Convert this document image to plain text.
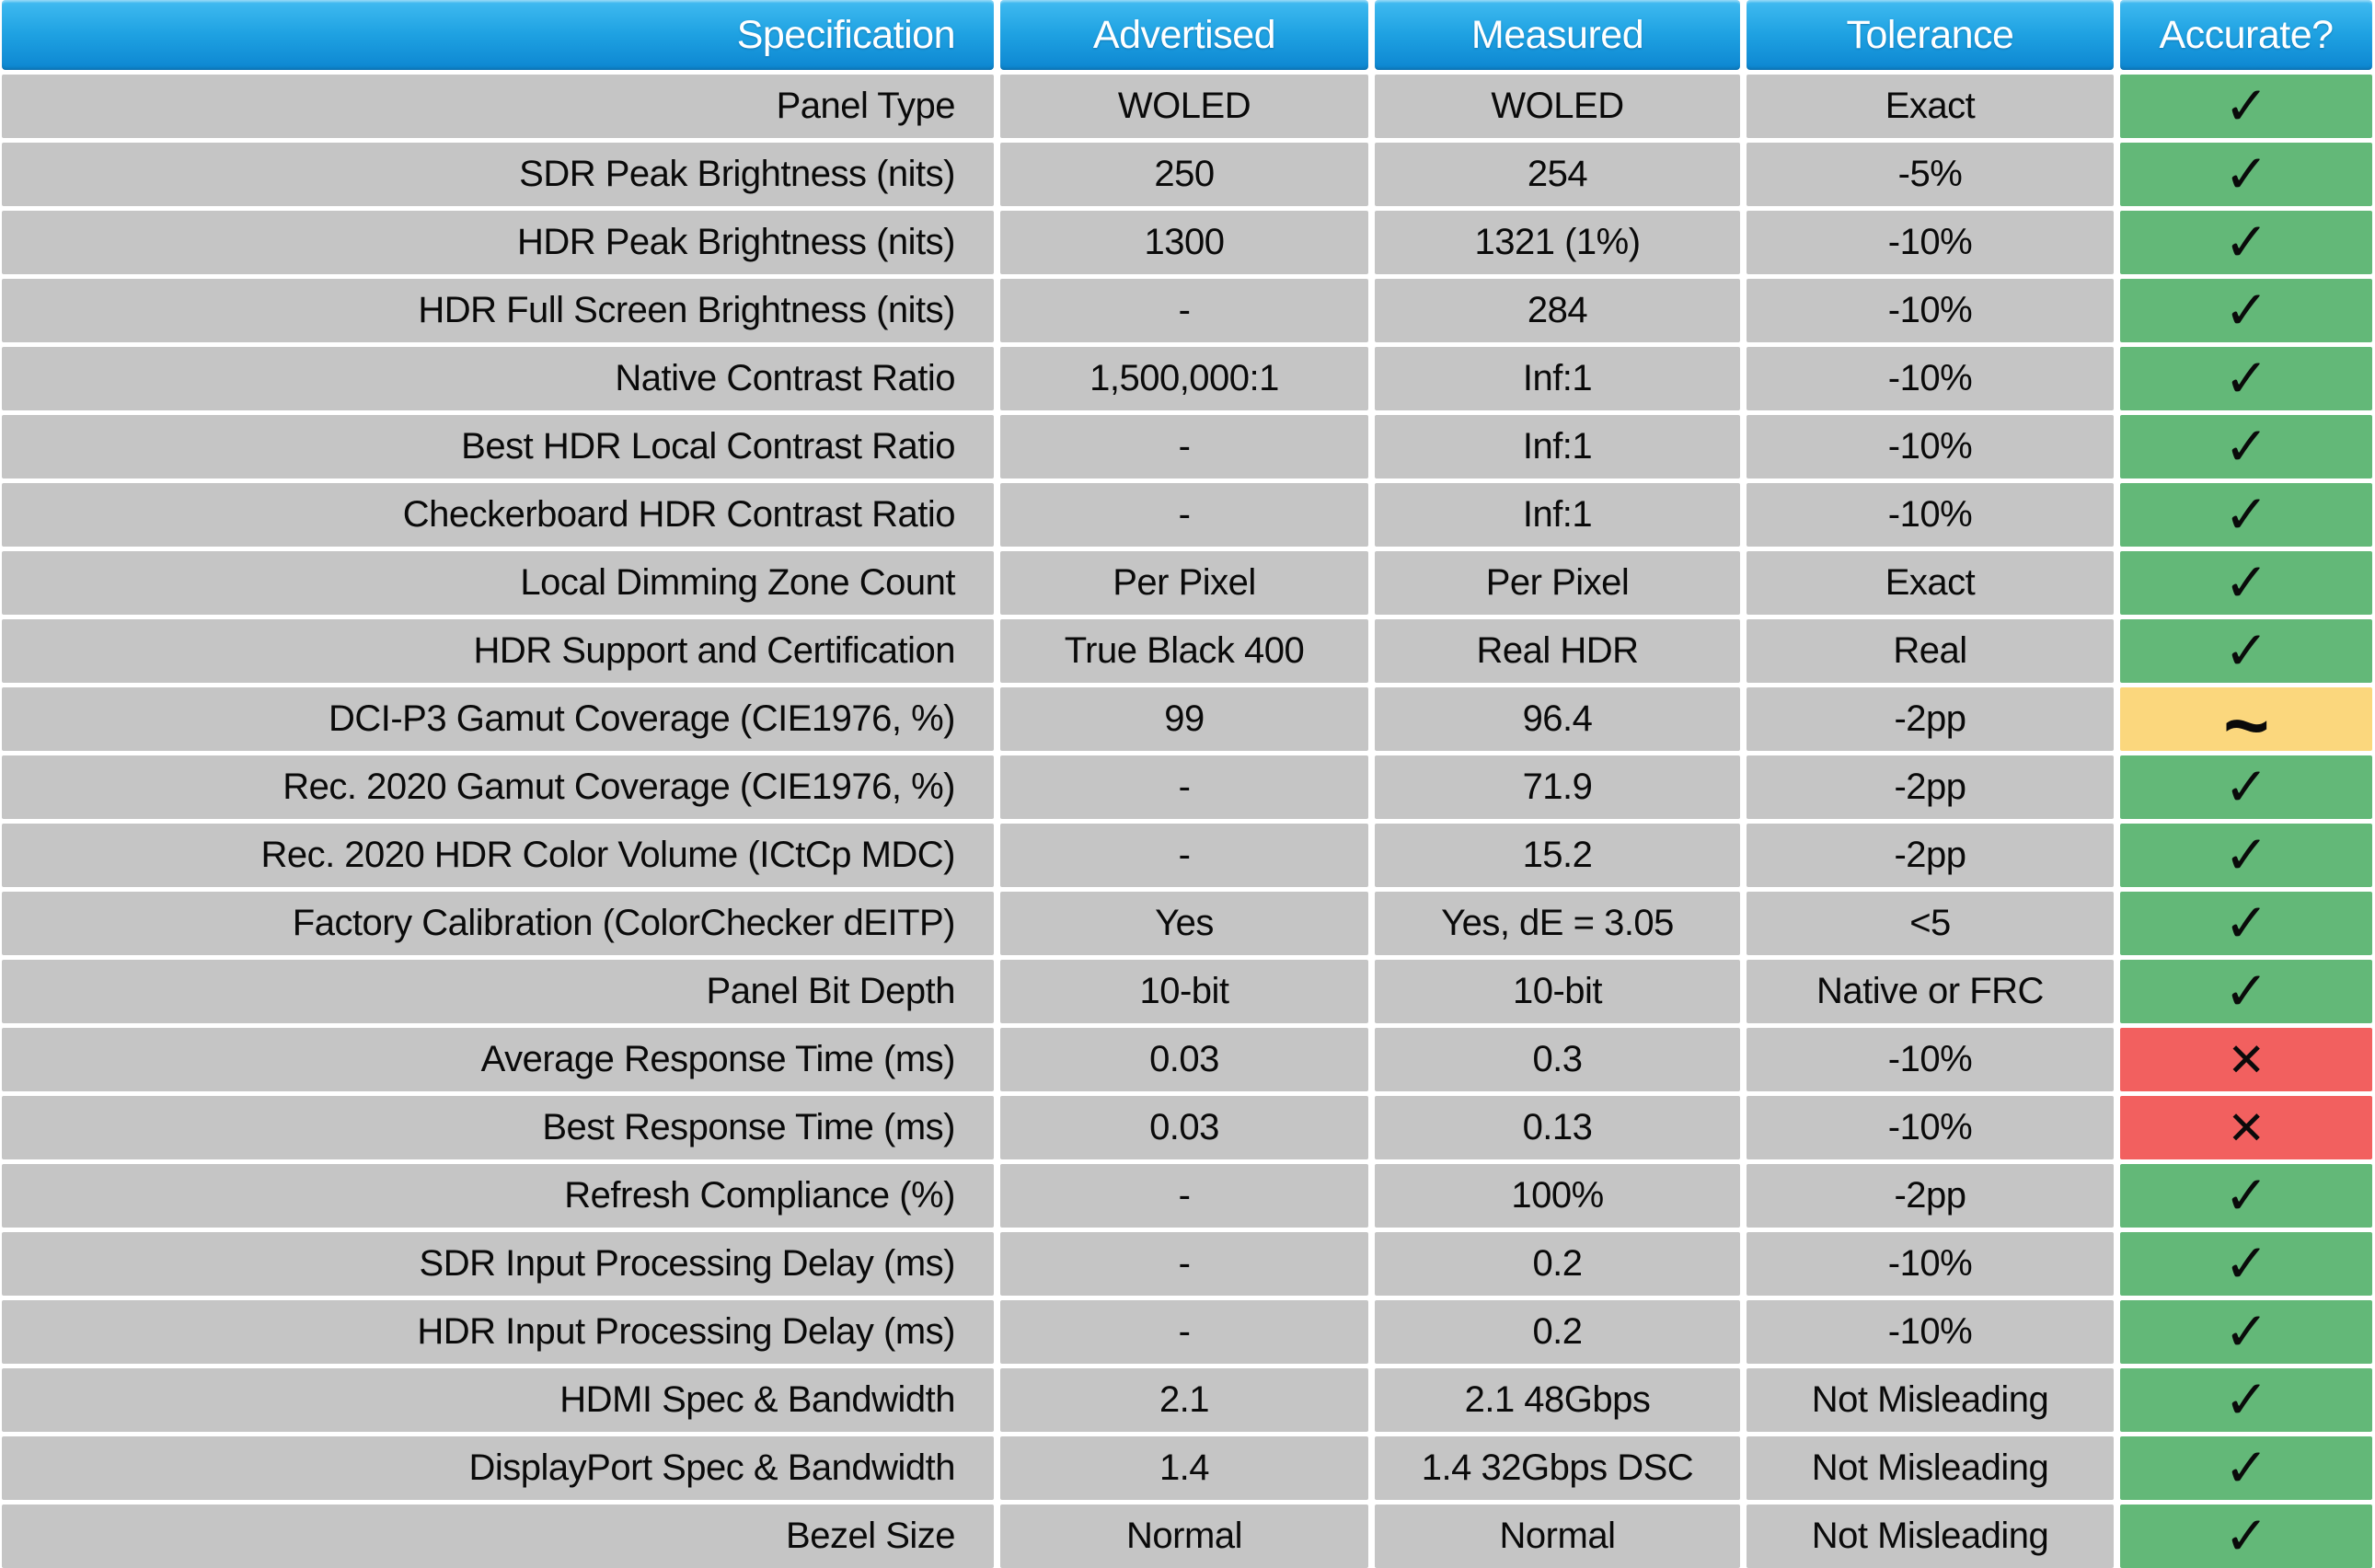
Specification	Advertised	Measured	Tolerance	Accurate?
Panel Type	WOLED	WOLED	Exact	✓
SDR Peak Brightness (nits)	250	254	-5%	✓
HDR Peak Brightness (nits)	1300	1321 (1%)	-10%	✓
HDR Full Screen Brightness (nits)	-	284	-10%	✓
Native Contrast Ratio	1,500,000:1	Inf:1	-10%	✓
Best HDR Local Contrast Ratio	-	Inf:1	-10%	✓
Checkerboard HDR Contrast Ratio	-	Inf:1	-10%	✓
Local Dimming Zone Count	Per Pixel	Per Pixel	Exact	✓
HDR Support and Certification	True Black 400	Real HDR	Real	✓
DCI-P3 Gamut Coverage (CIE1976, %)	99	96.4	-2pp	~
Rec. 2020 Gamut Coverage (CIE1976, %)	-	71.9	-2pp	✓
Rec. 2020 HDR Color Volume (ICtCp MDC)	-	15.2	-2pp	✓
Factory Calibration (ColorChecker dEITP)	Yes	Yes, dE = 3.05	<5	✓
Panel Bit Depth	10-bit	10-bit	Native or FRC	✓
Average Response Time (ms)	0.03	0.3	-10%	✕
Best Response Time (ms)	0.03	0.13	-10%	✕
Refresh Compliance (%)	-	100%	-2pp	✓
SDR Input Processing Delay (ms)	-	0.2	-10%	✓
HDR Input Processing Delay (ms)	-	0.2	-10%	✓
HDMI Spec & Bandwidth	2.1	2.1 48Gbps	Not Misleading	✓
DisplayPort Spec & Bandwidth	1.4	1.4 32Gbps DSC	Not Misleading	✓
Bezel Size	Normal	Normal	Not Misleading	✓
